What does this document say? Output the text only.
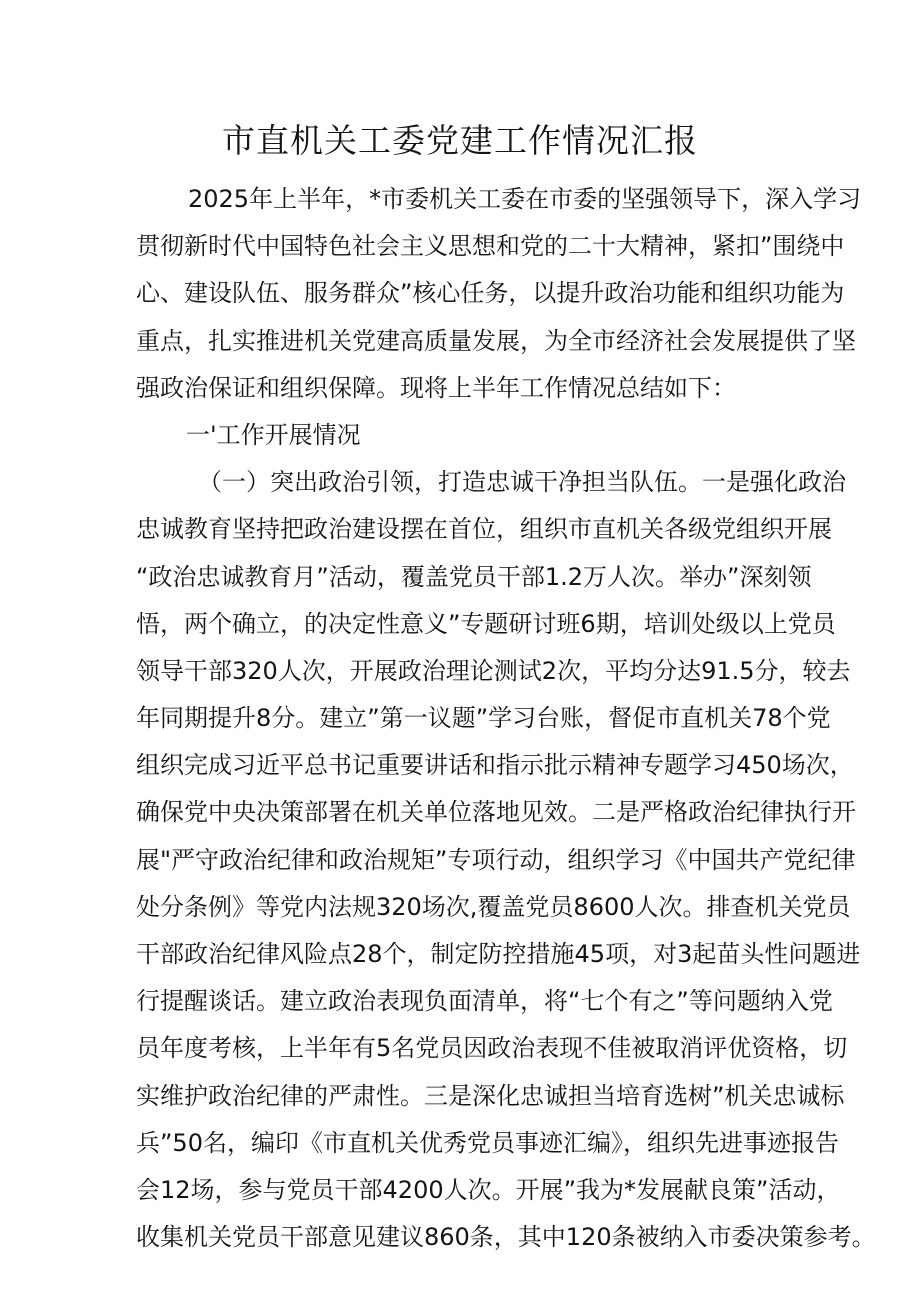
市直机关工委党建工作情况汇报
2025年上半年，*市委机关工委在市委的坚强领导下，深入学习
贯彻新时代中国特色社会主义思想和党的二十大精神，紧扣”围绕中
心、建设队伍、服务群众”核心任务，以提升政治功能和组织功能为
重点，扎实推进机关党建高质量发展，为全市经济社会发展提供了坚
强政治保证和组织保障。现将上半年工作情况总结如下：
一'工作开展情况
（一）突出政治引领，打造忠诚干净担当队伍。一是强化政治
忠诚教育坚持把政治建设摆在首位，组织市直机关各级党组织开展
“政治忠诚教育月”活动，覆盖党员干部1.2万人次。举办”深刻领
悟，两个确立，的决定性意义”专题研讨班6期，培训处级以上党员
领导干部320人次，开展政治理论测试2次，平均分达91.5分，较去
年同期提升8分。建立”第一议题”学习台账，督促市直机关78个党
组织完成习近平总书记重要讲话和指示批示精神专题学习450场次，
确保党中央决策部署在机关单位落地见效。二是严格政治纪律执行开
展"严守政治纪律和政治规矩”专项行动，组织学习《中国共产党纪律
处分条例》等党内法规320场次,覆盖党员8600人次。排查机关党员
干部政治纪律风险点28个，制定防控措施45项，对3起苗头性问题进
行提醒谈话。建立政治表现负面清单，将“七个有之”等问题纳入党
员年度考核，上半年有5名党员因政治表现不佳被取消评优资格，切
实维护政治纪律的严肃性。三是深化忠诚担当培育选树”机关忠诚标
兵”50名，编印《市直机关优秀党员事迹汇编》，组织先进事迹报告
会12场，参与党员干部4200人次。开展”我为*发展献良策”活动，
收集机关党员干部意见建议860条，其中120条被纳入市委决策参考。
